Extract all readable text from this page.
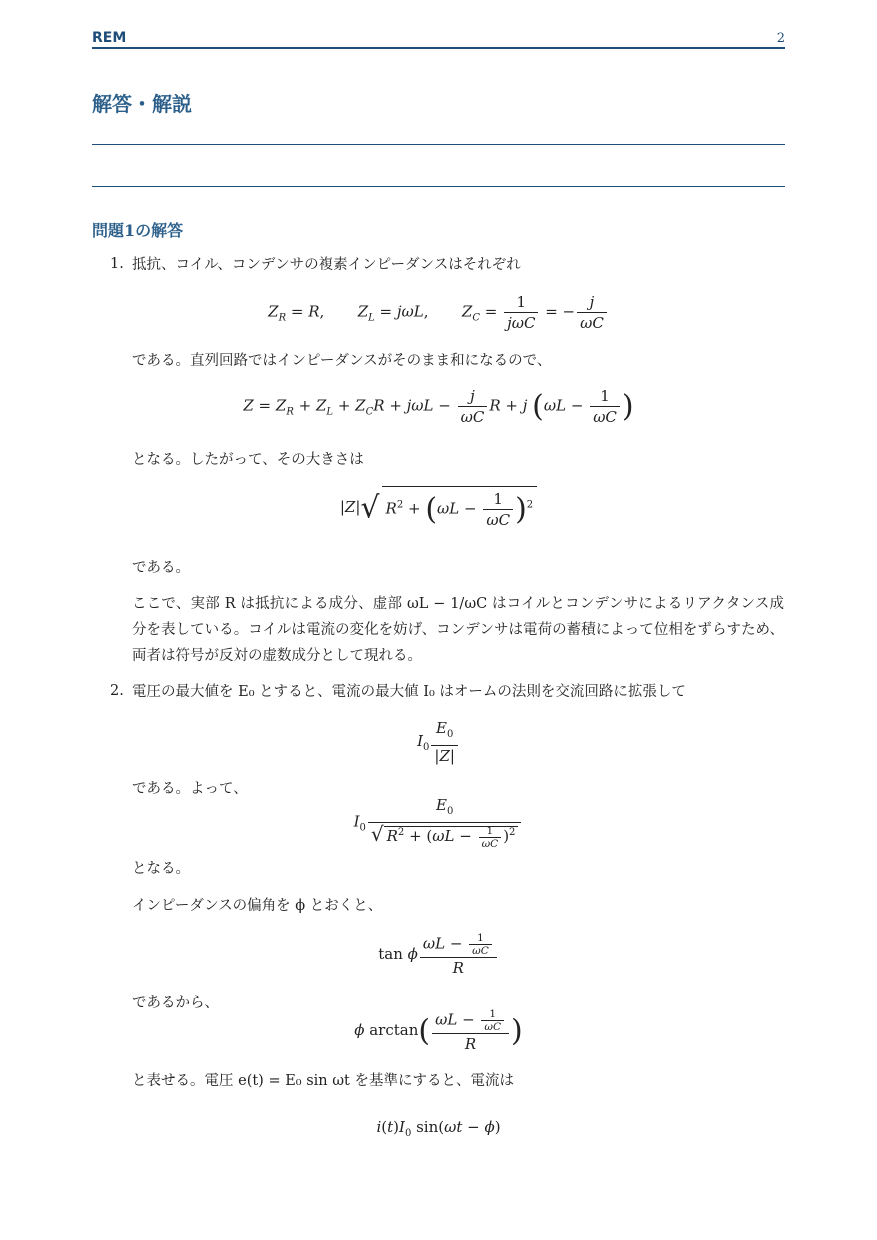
REM	2
解答・解説
問題1の解答
1. 抵抗、コイル、コンデンサの複素インピーダンスはそれぞれ
$Z_R = R$,       $Z_L = j\omega L$,       $Z_C = \frac{1}{\text{jωC}}$ = − $\frac{j}{\omega C}$
である。直列回路ではインピーダンスがそのまま和になるので、
$Z = Z_R + Z_L + Z_CR + j\omega L - \frac{j}{\omega C}$ R + j ($\omega L - \frac{1}{\omega C}$ )
となる。したがって、その大きさは
|Z|√ $R^2 + (\omega L - \frac{1}{\omega C} )^2$
である。
ここで、実部 R は抵抗による成分、虚部 ωL − 1/ωC はコイルとコンデンサによるリアクタンス成分を表している。コイルは電流の変化を妨げ、コンデンサは電荷の蓄積によって位相をずらすため、両者は符号が反対の虚数成分として現れる。
2. 電圧の最大値を E₀ とすると、電流の最大値 I₀ はオームの法則を交流回路に拡張して
$I_0 \frac{E_0}{|Z|}$
である。よって、
$I_0 \frac{E_0}{√ R^2 + (\omega L - \frac{1}{\omega C} )^2}$
となる。
インピーダンスの偏角を ϕ とおくと、
tan ϕ $\frac{\omega L - \frac{1}{\omega C}}{R}$
であるから、
ϕ $\arctan( \frac{\omega L - \frac{1}{\omega C}}{R}$ )
と表せる。電圧 e(t) = E₀ sin ωt を基準にすると、電流は
$i(t)I_0$ sin(ωt − ϕ)
